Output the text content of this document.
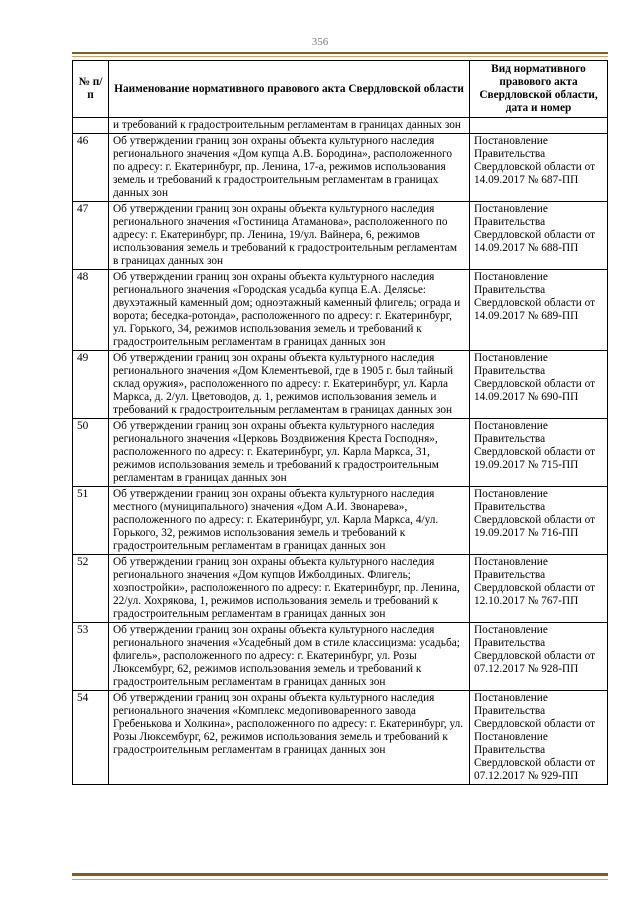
356
№ п/п	Наименование нормативного правового акта Свердловской области	Вид нормативного правового акта Свердловской области, дата и номер
	и требований к градостроительным регламентам в границах данных зон	
46	Об утверждении границ зон охраны объекта культурного наследия регионального значения «Дом купца А.В. Бородина», расположенного по адресу: г. Екатеринбург, пр. Ленина, 17-а, режимов использования земель и требований к градостроительным регламентам в границах данных зон	Постановление Правительства Свердловской области от 14.09.2017 № 687-ПП
47	Об утверждении границ зон охраны объекта культурного наследия регионального значения «Гостиница Атаманова», расположенного по адресу: г. Екатеринбург, пр. Ленина, 19/ул. Вайнера, 6, режимов использования земель и требований к градостроительным регламентам в границах данных зон	Постановление Правительства Свердловской области от 14.09.2017 № 688-ПП
48	Об утверждении границ зон охраны объекта культурного наследия регионального значения «Городская усадьба купца Е.А. Делясье: двухэтажный каменный дом; одноэтажный каменный флигель; ограда и ворота; беседка-ротонда», расположенного по адресу: г. Екатеринбург, ул. Горького, 34, режимов использования земель и требований к градостроительным регламентам в границах данных зон	Постановление Правительства Свердловской области от 14.09.2017 № 689-ПП
49	Об утверждении границ зон охраны объекта культурного наследия регионального значения «Дом Клементьевой, где в 1905 г. был тайный склад оружия», расположенного по адресу: г. Екатеринбург, ул. Карла Маркса, д. 2/ул. Цветоводов, д. 1, режимов использования земель и требований к градостроительным регламентам в границах данных зон	Постановление Правительства Свердловской области от 14.09.2017 № 690-ПП
50	Об утверждении границ зон охраны объекта культурного наследия регионального значения «Церковь Воздвижения Креста Господня», расположенного по адресу: г. Екатеринбург, ул. Карла Маркса, 31, режимов использования земель и требований к градостроительным регламентам в границах данных зон	Постановление Правительства Свердловской области от 19.09.2017 № 715-ПП
51	Об утверждении границ зон охраны объекта культурного наследия местного (муниципального) значения «Дом А.И. Звонарева», расположенного по адресу: г. Екатеринбург, ул. Карла Маркса, 4/ул. Горького, 32, режимов использования земель и требований к градостроительным регламентам в границах данных зон	Постановление Правительства Свердловской области от 19.09.2017 № 716-ПП
52	Об утверждении границ зон охраны объекта культурного наследия регионального значения «Дом купцов Ижболдиных. Флигель; хозпостройки», расположенного по адресу: г. Екатеринбург, пр. Ленина, 22/ул. Хохрякова, 1, режимов использования земель и требований к градостроительным регламентам в границах данных зон	Постановление Правительства Свердловской области от 12.10.2017 № 767-ПП
53	Об утверждении границ зон охраны объекта культурного наследия регионального значения «Усадебный дом в стиле классицизма: усадьба; флигель», расположенного по адресу: г. Екатеринбург, ул. Розы Люксембург, 62, режимов использования земель и требований к градостроительным регламентам в границах данных зон	Постановление Правительства Свердловской области от 07.12.2017 № 928-ПП
54	Об утверждении границ зон охраны объекта культурного наследия регионального значения «Комплекс медопивоваренного завода Гребенькова и Холкина», расположенного по адресу: г. Екатеринбург, ул. Розы Люксембург, 62, режимов использования земель и требований к градостроительным регламентам в границах данных зон	Постановление Правительства Свердловской области от Постановление Правительства Свердловской области от 07.12.2017 № 929-ПП
